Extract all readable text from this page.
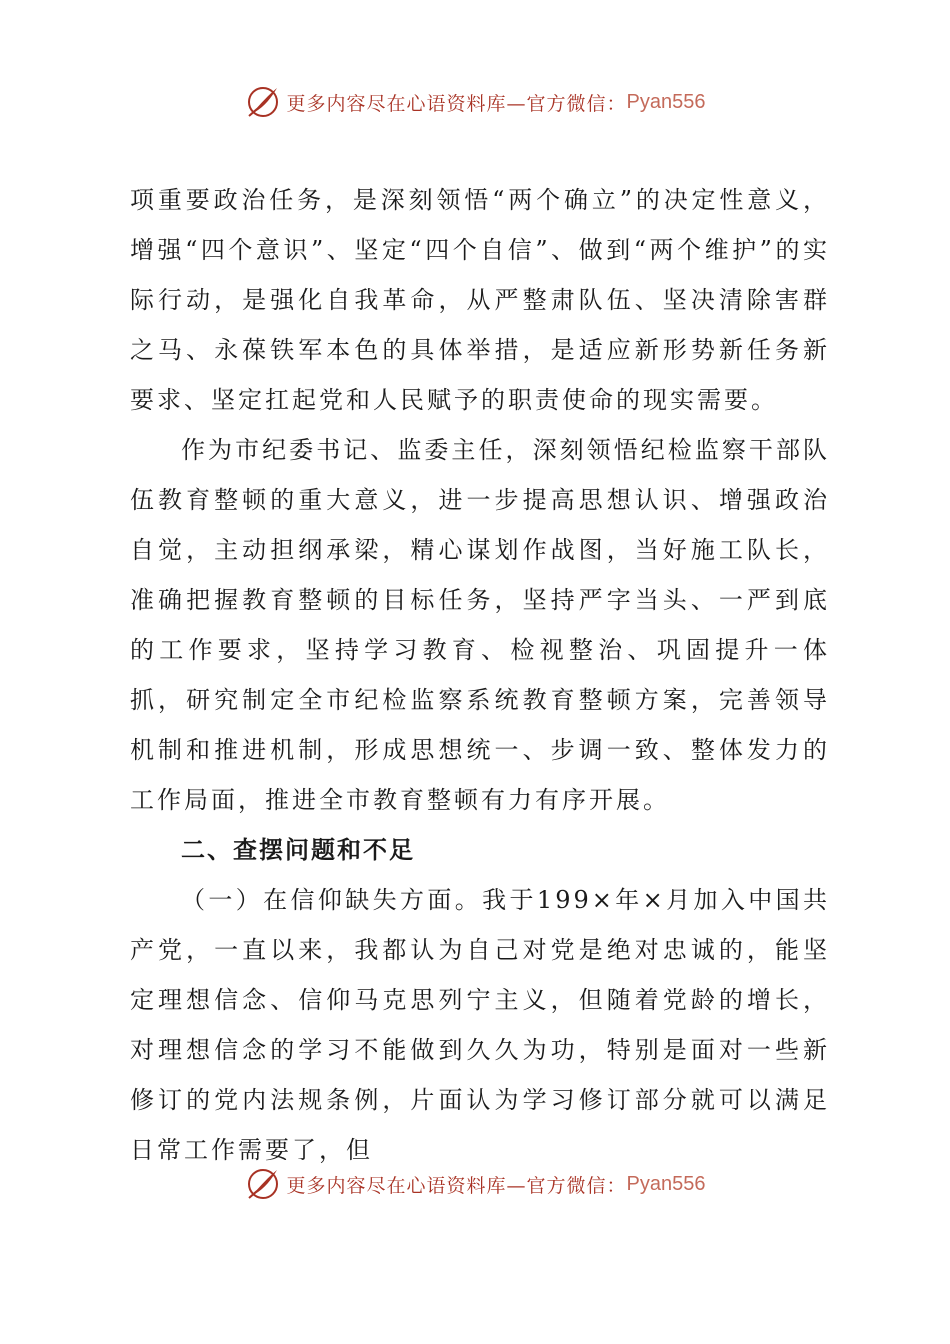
更多内容尽在心语资料库—官方微信： Pyan556

项重要政治任务，是深刻领悟“两个确立”的决定性意义，增强“四个意识”、坚定“四个自信”、做到“两个维护”的实际行动，是强化自我革命，从严整肃队伍、坚决清除害群之马、永葆铁军本色的具体举措，是适应新形势新任务新要求、坚定扛起党和人民赋予的职责使命的现实需要。

作为市纪委书记、监委主任，深刻领悟纪检监察干部队伍教育整顿的重大意义，进一步提高思想认识、增强政治自觉，主动担纲承梁，精心谋划作战图，当好施工队长，准确把握教育整顿的目标任务，坚持严字当头、一严到底的工作要求，坚持学习教育、检视整治、巩固提升一体抓，研究制定全市纪检监察系统教育整顿方案，完善领导机制和推进机制，形成思想统一、步调一致、整体发力的工作局面，推进全市教育整顿有力有序开展。

二、查摆问题和不足

（一）在信仰缺失方面。我于199×年×月加入中国共产党，一直以来，我都认为自己对党是绝对忠诚的，能坚定理想信念、信仰马克思列宁主义，但随着党龄的增长，对理想信念的学习不能做到久久为功，特别是面对一些新修订的党内法规条例，片面认为学习修订部分就可以满足日常工作需要了，但

更多内容尽在心语资料库—官方微信： Pyan556
